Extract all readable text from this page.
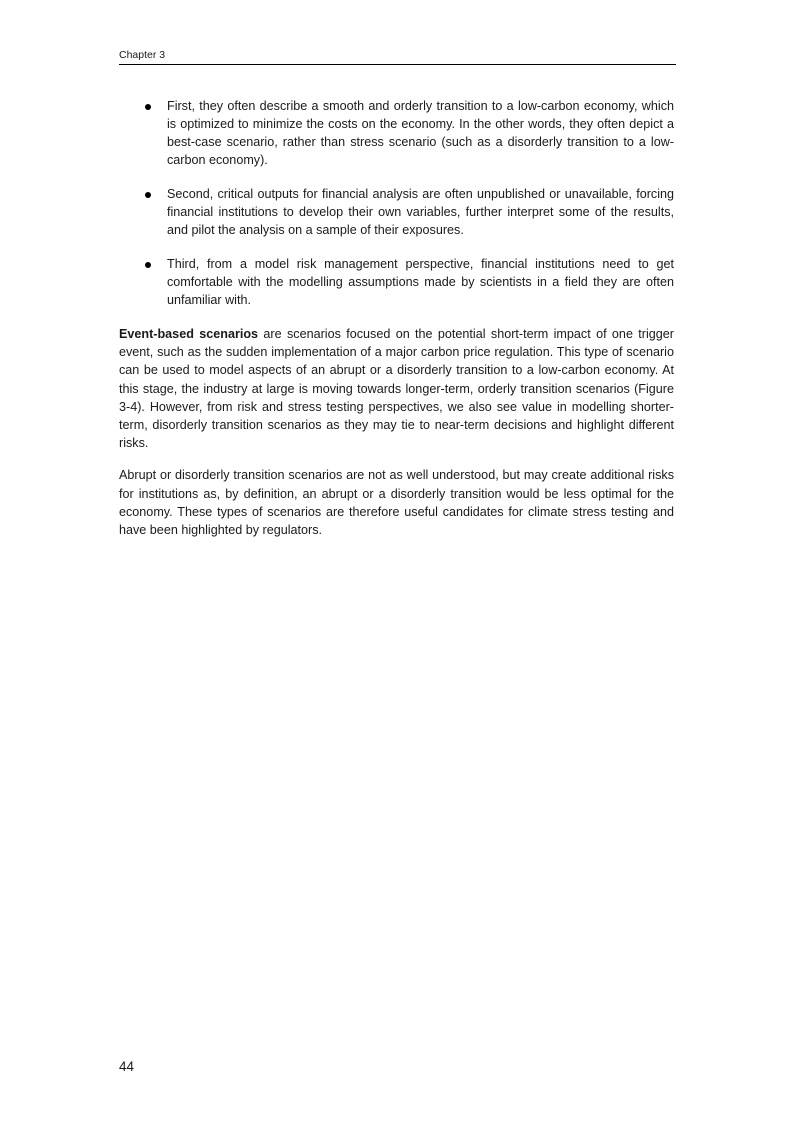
Chapter 3
First, they often describe a smooth and orderly transition to a low-carbon economy, which is optimized to minimize the costs on the economy. In the other words, they often depict a best-case scenario, rather than stress scenario (such as a disorderly transition to a low-carbon economy).
Second, critical outputs for financial analysis are often unpublished or unavailable, forcing financial institutions to develop their own variables, further interpret some of the results, and pilot the analysis on a sample of their exposures.
Third, from a model risk management perspective, financial institutions need to get comfortable with the modelling assumptions made by scientists in a field they are often unfamiliar with.

Event-based scenarios are scenarios focused on the potential short-term impact of one trigger event, such as the sudden implementation of a major carbon price regulation. This type of scenario can be used to model aspects of an abrupt or a disorderly transition to a low-carbon economy. At this stage, the industry at large is moving towards longer-term, orderly transition scenarios (Figure 3-4). However, from risk and stress testing perspectives, we also see value in modelling shorter-term, disorderly transition scenarios as they may tie to near-term decisions and highlight different risks.

Abrupt or disorderly transition scenarios are not as well understood, but may create additional risks for institutions as, by definition, an abrupt or a disorderly transition would be less optimal for the economy. These types of scenarios are therefore useful candidates for climate stress testing and have been highlighted by regulators.

44
